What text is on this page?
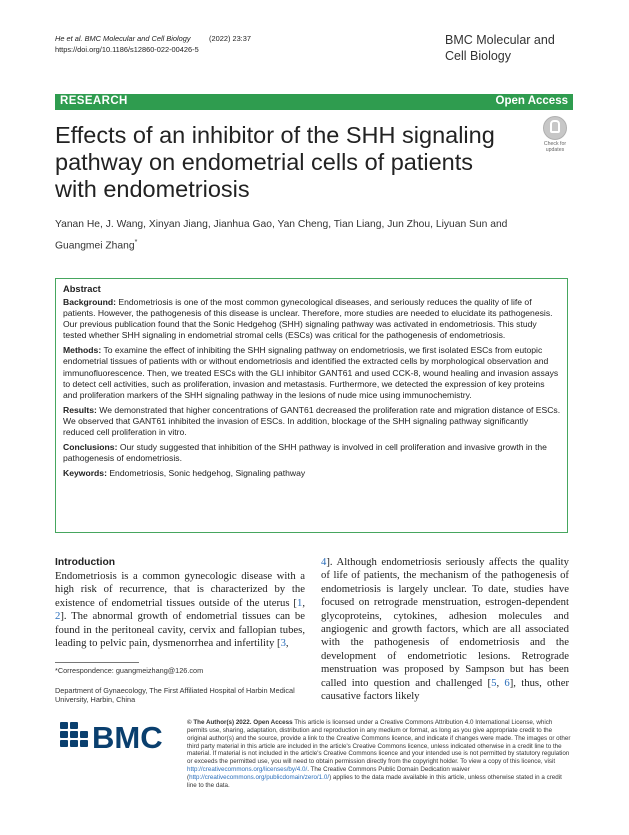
He et al. BMC Molecular and Cell Biology (2022) 23:37
https://doi.org/10.1186/s12860-022-00426-5
BMC Molecular and
Cell Biology
RESEARCH	Open Access
Effects of an inhibitor of the SHH signaling pathway on endometrial cells of patients with endometriosis
Check for
updates
Yanan He, J. Wang, Xinyan Jiang, Jianhua Gao, Yan Cheng, Tian Liang, Jun Zhou, Liyuan Sun and Guangmei Zhang*
Abstract

Background: Endometriosis is one of the most common gynecological diseases, and seriously reduces the quality of life of patients. However, the pathogenesis of this disease is unclear. Therefore, more studies are needed to elucidate its pathogenesis. Our previous publication found that the Sonic Hedgehog (SHH) signaling pathway was activated in endometriosis. This study tested whether SHH signaling in endometrial stromal cells (ESCs) was critical for the pathogenesis of endometriosis.

Methods: To examine the effect of inhibiting the SHH signaling pathway on endometriosis, we first isolated ESCs from eutopic endometrial tissues of patients with or without endometriosis and identified the extracted cells by morphological observation and immunofluorescence. Then, we treated ESCs with the GLI inhibitor GANT61 and used CCK-8, wound healing and invasion assays to detect cell activities, such as proliferation, invasion and metastasis. Furthermore, we detected the expression of key proteins and proliferation markers of the SHH signaling pathway in the lesions of nude mice using immunochemistry.

Results: We demonstrated that higher concentrations of GANT61 decreased the proliferation rate and migration distance of ESCs. We observed that GANT61 inhibited the invasion of ESCs. In addition, blockage of the SHH signaling pathway significantly reduced cell proliferation in vitro.

Conclusions: Our study suggested that inhibition of the SHH pathway is involved in cell proliferation and invasive growth in the pathogenesis of endometriosis.

Keywords: Endometriosis, Sonic hedgehog, Signaling pathway

Introduction
Endometriosis is a common gynecologic disease with a high risk of recurrence, that is characterized by the existence of endometrial tissues outside of the uterus [1, 2]. The abnormal growth of endometrial tissues can be found in the peritoneal cavity, cervix and fallopian tubes, leading to pelvic pain, dysmenorrhea and infertility [3,
4]. Although endometriosis seriously affects the quality of life of patients, the mechanism of the pathogenesis of endometriosis is largely unclear. To date, studies have focused on retrograde menstruation, estrogen-dependent glycoproteins, cytokines, adhesion molecules and angiogenic and growth factors, which are all associated with the pathogenesis of endometriosis and the development of endometriotic lesions. Retrograde menstruation was proposed by Sampson but has been called into question and challenged [5, 6], thus, other causative factors likely
*Correspondence: guangmeizhang@126.com
Department of Gynaecology, The First Affiliated Hospital of Harbin Medical University, Harbin, China
BMC	© The Author(s) 2022. Open Access This article is licensed under a Creative Commons Attribution 4.0 International License, which permits use, sharing, adaptation, distribution and reproduction in any medium or format, as long as you give appropriate credit to the original author(s) and the source, provide a link to the Creative Commons licence, and indicate if changes were made. The images or other third party material in this article are included in the article's Creative Commons licence, unless indicated otherwise in a credit line to the material. If material is not included in the article's Creative Commons licence and your intended use is not permitted by statutory regulation or exceeds the permitted use, you will need to obtain permission directly from the copyright holder. To view a copy of this licence, visit http://creativecommons.org/licenses/by/4.0/. The Creative Commons Public Domain Dedication waiver (http://creativecommons.org/publicdomain/zero/1.0/) applies to the data made available in this article, unless otherwise stated in a credit line to the data.
